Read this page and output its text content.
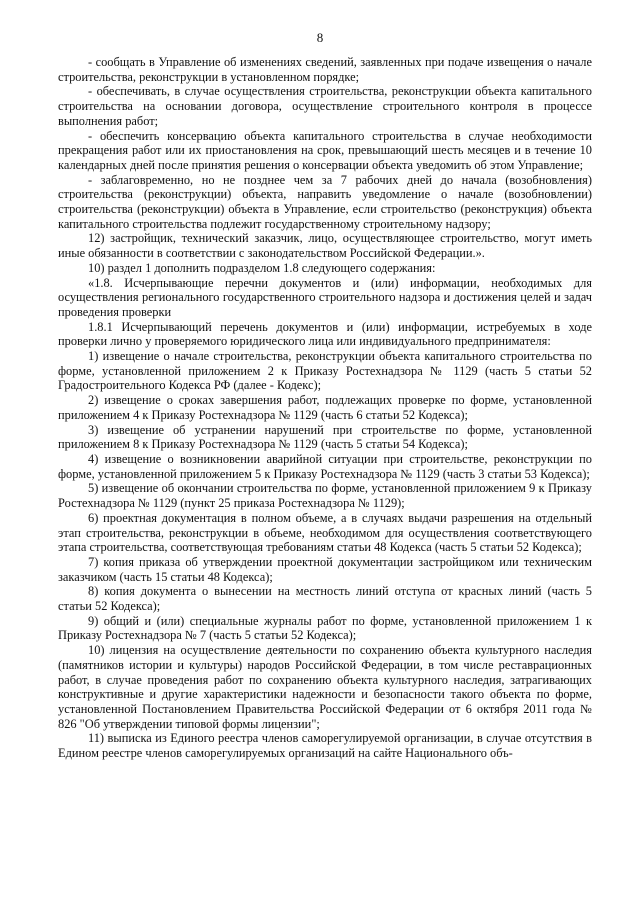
8

- сообщать в Управление об изменениях сведений, заявленных при подаче извещения о начале строительства, реконструкции в установленном порядке;

- обеспечивать, в случае осуществления строительства, реконструкции объекта капитального строительства на основании договора, осуществление строительного контроля в процессе выполнения работ;

- обеспечить консервацию объекта капитального строительства в случае необходимости прекращения работ или их приостановления на срок, превышающий шесть месяцев и в течение 10 календарных дней после принятия решения о консервации объекта уведомить об этом Управление;

- заблаговременно, но не позднее чем за 7 рабочих дней до начала (возобновления) строительства (реконструкции) объекта, направить уведомление о начале (возобновлении) строительства (реконструкции) объекта в Управление, если строительство (реконструкция) объекта капитального строительства подлежит государственному строительному надзору;

12) застройщик, технический заказчик, лицо, осуществляющее строительство, могут иметь иные обязанности в соответствии с законодательством Российской Федерации.».

10) раздел 1 дополнить подразделом 1.8 следующего содержания:

«1.8. Исчерпывающие перечни документов и (или) информации, необходимых для осуществления регионального государственного строительного надзора и достижения целей и задач проведения проверки

1.8.1 Исчерпывающий перечень документов и (или) информации, истребуемых в ходе проверки лично у проверяемого юридического лица или индивидуального предпринимателя:

1) извещение о начале строительства, реконструкции объекта капитального строительства по форме, установленной приложением 2 к Приказу Ростехнадзора № 1129 (часть 5 статьи 52 Градостроительного Кодекса РФ (далее - Кодекс);

2) извещение о сроках завершения работ, подлежащих проверке по форме, установленной приложением 4 к Приказу Ростехнадзора № 1129 (часть 6 статьи 52 Кодекса);

3) извещение об устранении нарушений при строительстве по форме, установленной приложением 8 к Приказу Ростехнадзора № 1129 (часть 5 статьи 54 Кодекса);

4) извещение о возникновении аварийной ситуации при строительстве, реконструкции по форме, установленной приложением 5 к Приказу Ростехнадзора № 1129 (часть 3 статьи 53 Кодекса);

5) извещение об окончании строительства по форме, установленной приложением 9 к Приказу Ростехнадзора № 1129 (пункт 25 приказа Ростехнадзора № 1129);

6) проектная документация в полном объеме, а в случаях выдачи разрешения на отдельный этап строительства, реконструкции в объеме, необходимом для осуществления соответствующего этапа строительства, соответствующая требованиям статьи 48 Кодекса (часть 5 статьи 52 Кодекса);

7) копия приказа об утверждении проектной документации застройщиком или техническим заказчиком (часть 15 статьи 48 Кодекса);

8) копия документа о вынесении на местность линий отступа от красных линий (часть 5 статьи 52 Кодекса);

9) общий и (или) специальные журналы работ по форме, установленной приложением 1 к Приказу Ростехнадзора № 7 (часть 5 статьи 52 Кодекса);

10) лицензия на осуществление деятельности по сохранению объекта культурного наследия (памятников истории и культуры) народов Российской Федерации, в том числе реставрационных работ, в случае проведения работ по сохранению объекта культурного наследия, затрагивающих конструктивные и другие характеристики надежности и безопасности такого объекта по форме, установленной Постановлением Правительства Российской Федерации от 6 октября 2011 года № 826 "Об утверждении типовой формы лицензии";

11) выписка из Единого реестра членов саморегулируемой организации, в случае отсутствия в Едином реестре членов саморегулируемых организаций на сайте Национального объ-
